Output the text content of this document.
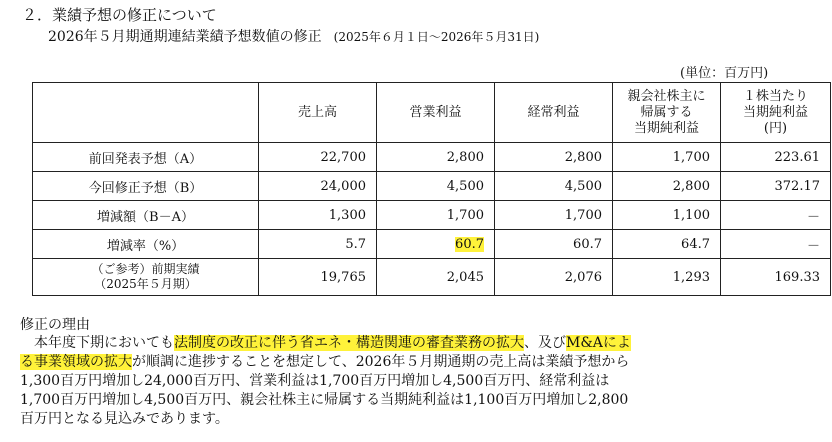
２．業績予想の修正について
2026年５月期通期連結業績予想数値の修正 (2025年６月１日～2026年５月31日)
(単位：百万円)
	売上高	営業利益	経常利益	親会社株主に
帰属する
当期純利益	１株当たり
当期純利益
(円)
前回発表予想（A）	22,700	2,800	2,800	1,700	223.61
今回修正予想（B）	24,000	4,500	4,500	2,800	372.17
増減額（B－A）	1,300	1,700	1,700	1,100	－
増減率（%）	5.7	60.7	60.7	64.7	－
（ご参考）前期実績
（2025年５月期）	19,765	2,045	2,076	1,293	169.33
修正の理由
　本年度下期においても法制度の改正に伴う省エネ・構造関連の審査業務の拡大、及びM&Aによ
る事業領域の拡大が順調に進捗することを想定して、2026年５月期通期の売上高は業績予想から
1,300百万円増加し24,000百万円、営業利益は1,700百万円増加し4,500百万円、経常利益は
1,700百万円増加し4,500百万円、親会社株主に帰属する当期純利益は1,100百万円増加し2,800
百万円となる見込みであります。
